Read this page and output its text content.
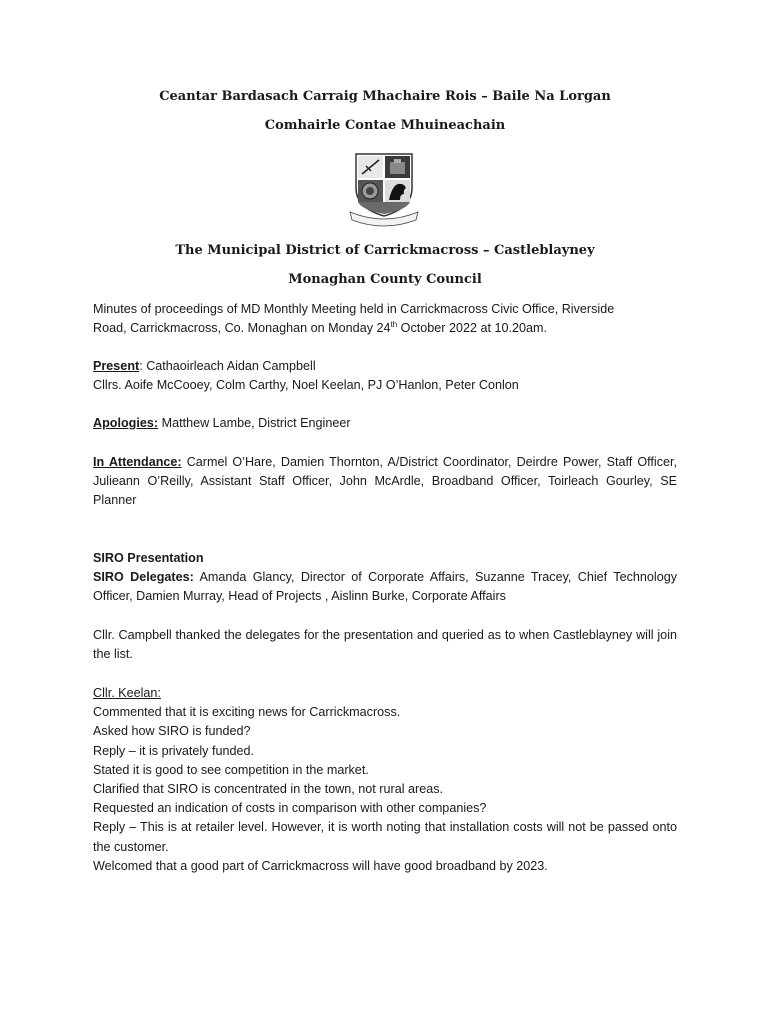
Ceantar Bardasach Carraig Mhachaire Rois – Baile Na Lorgan

Comhairle Contae Mhuineachain

The Municipal District of Carrickmacross – Castleblayney

Monaghan County Council

Minutes of proceedings of MD Monthly Meeting held in Carrickmacross Civic Office, Riverside

Road, Carrickmacross, Co. Monaghan on Monday 24th October 2022 at 10.20am.

Present: Cathaoirleach Aidan Campbell

Cllrs. Aoife McCooey, Colm Carthy, Noel Keelan, PJ O’Hanlon, Peter Conlon

Apologies: Matthew Lambe, District Engineer

In Attendance: Carmel O’Hare, Damien Thornton, A/District Coordinator, Deirdre Power, Staff Officer, Julieann O’Reilly, Assistant Staff Officer, John McArdle, Broadband Officer, Toirleach Gourley, SE Planner

SIRO Presentation

SIRO Delegates: Amanda Glancy, Director of Corporate Affairs, Suzanne Tracey, Chief Technology Officer, Damien Murray, Head of Projects , Aislinn Burke, Corporate Affairs

Cllr. Campbell thanked the delegates for the presentation and queried as to when Castleblayney will join the list.

Cllr. Keelan:

Commented that it is exciting news for Carrickmacross.

Asked how SIRO is funded?

Reply – it is privately funded.

Stated it is good to see competition in the market.

Clarified that SIRO is concentrated in the town, not rural areas.

Requested an indication of costs in comparison with other companies?

Reply – This is at retailer level. However, it is worth noting that installation costs will not be passed onto the customer.

Welcomed that a good part of Carrickmacross will have good broadband by 2023.
